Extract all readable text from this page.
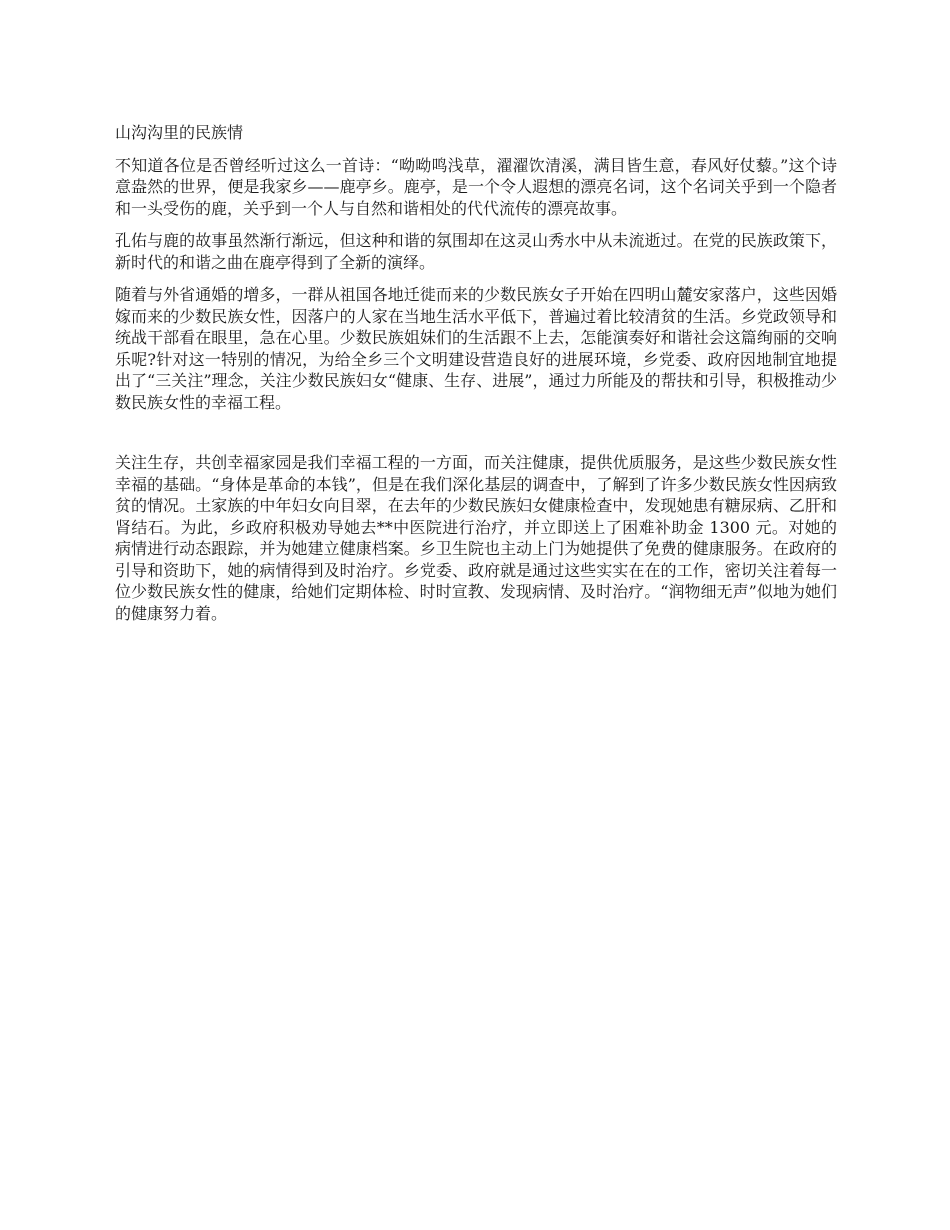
山沟沟里的民族情

不知道各位是否曾经听过这么一首诗：“呦呦鸣浅草，濯濯饮清溪，满目皆生意，春风好仗藜。”这个诗意盎然的世界，便是我家乡——鹿亭乡。鹿亭，是一个令人遐想的漂亮名词，这个名词关乎到一个隐者和一头受伤的鹿，关乎到一个人与自然和谐相处的代代流传的漂亮故事。

孔佑与鹿的故事虽然渐行渐远，但这种和谐的氛围却在这灵山秀水中从未流逝过。在党的民族政策下，新时代的和谐之曲在鹿亭得到了全新的演绎。

随着与外省通婚的增多，一群从祖国各地迁徙而来的少数民族女子开始在四明山麓安家落户，这些因婚嫁而来的少数民族女性，因落户的人家在当地生活水平低下，普遍过着比较清贫的生活。乡党政领导和统战干部看在眼里，急在心里。少数民族姐妹们的生活跟不上去，怎能演奏好和谐社会这篇绚丽的交响乐呢?针对这一特别的情况，为给全乡三个文明建设营造良好的进展环境，乡党委、政府因地制宜地提出了“三关注”理念，关注少数民族妇女“健康、生存、进展”，通过力所能及的帮扶和引导，积极推动少数民族女性的幸福工程。

关注生存，共创幸福家园是我们幸福工程的一方面，而关注健康，提供优质服务，是这些少数民族女性幸福的基础。“身体是革命的本钱”，但是在我们深化基层的调查中，了解到了许多少数民族女性因病致贫的情况。土家族的中年妇女向目翠，在去年的少数民族妇女健康检查中，发现她患有糖尿病、乙肝和肾结石。为此，乡政府积极劝导她去**中医院进行治疗，并立即送上了困难补助金 1300 元。对她的病情进行动态跟踪，并为她建立健康档案。乡卫生院也主动上门为她提供了免费的健康服务。在政府的引导和资助下，她的病情得到及时治疗。乡党委、政府就是通过这些实实在在的工作，密切关注着每一位少数民族女性的健康，给她们定期体检、时时宣教、发现病情、及时治疗。“润物细无声”似地为她们的健康努力着。
